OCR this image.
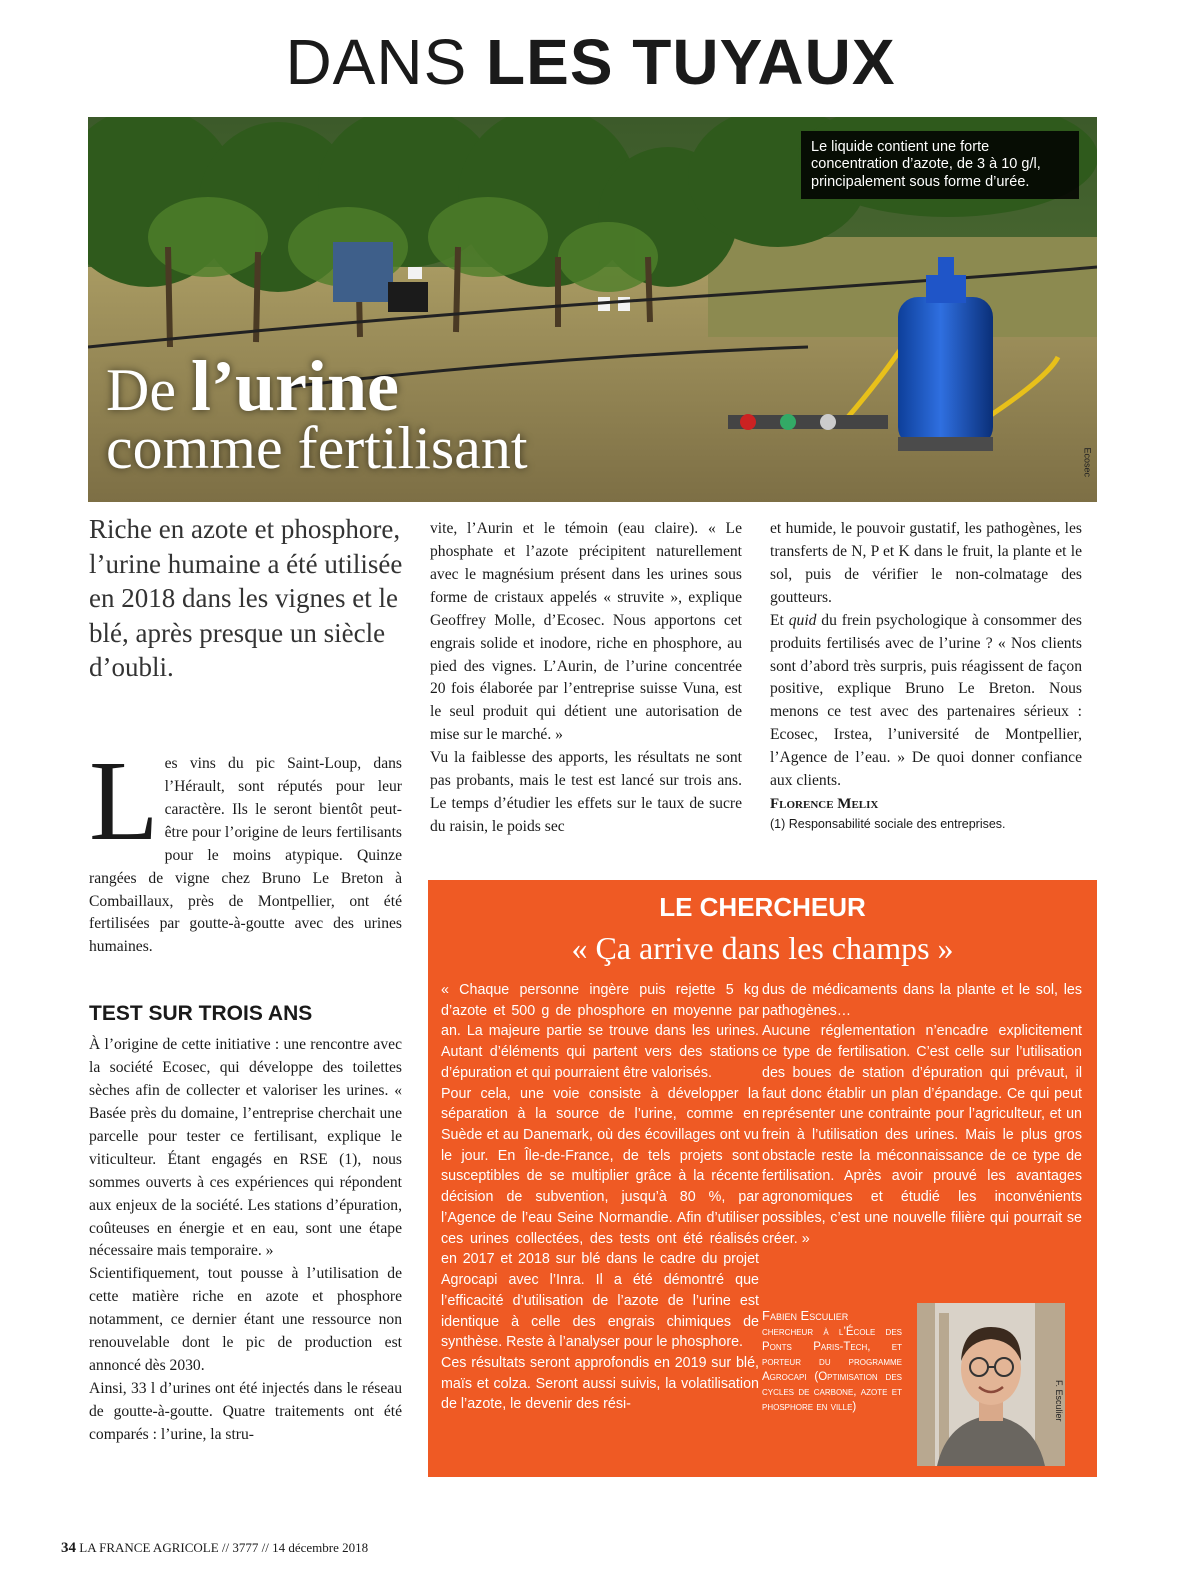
DANS LES TUYAUX
Le liquide contient une forte concentration d’azote, de 3 à 10 g/l, principalement sous forme d’urée.
De l’urine
comme fertilisant	Ecosec
Riche en azote et phosphore, l’urine humaine a été utilisée en 2018 dans les vignes et le blé, après presque un siècle d’oubli.

Les vins du pic Saint-Loup, dans l’Hérault, sont réputés pour leur caractère. Ils le seront bientôt peut-être pour l’origine de leurs fertilisants pour le moins atypique. Quinze rangées de vigne chez Bruno Le Breton à Combaillaux, près de Montpellier, ont été fertilisées par goutte-à-goutte avec des urines humaines.

TEST SUR TROIS ANS

À l’origine de cette initiative : une rencontre avec la société Ecosec, qui développe des toilettes sèches afin de collecter et valoriser les urines. « Basée près du domaine, l’entreprise cherchait une parcelle pour tester ce fertilisant, explique le viticulteur. Étant engagés en RSE (1), nous sommes ouverts à ces expériences qui répondent aux enjeux de la société. Les stations d’épuration, coûteuses en énergie et en eau, sont une étape nécessaire mais temporaire. »

Scientifiquement, tout pousse à l’utilisation de cette matière riche en azote et phosphore notamment, ce dernier étant une ressource non renouvelable dont le pic de production est annoncé dès 2030.

Ainsi, 33 l d’urines ont été injectés dans le réseau de goutte-à-goutte. Quatre traitements ont été comparés : l’urine, la stru-

vite, l’Aurin et le témoin (eau claire). « Le phosphate et l’azote précipitent naturellement avec le magnésium présent dans les urines sous forme de cristaux appelés « struvite », explique Geoffrey Molle, d’Ecosec. Nous apportons cet engrais solide et inodore, riche en phosphore, au pied des vignes. L’Aurin, de l’urine concentrée 20 fois élaborée par l’entreprise suisse Vuna, est le seul produit qui détient une autorisation de mise sur le marché. »

Vu la faiblesse des apports, les résultats ne sont pas probants, mais le test est lancé sur trois ans. Le temps d’étudier les effets sur le taux de sucre du raisin, le poids sec

et humide, le pouvoir gustatif, les pathogènes, les transferts de N, P et K dans le fruit, la plante et le sol, puis de vérifier le non-colmatage des goutteurs.

Et quid du frein psychologique à consommer des produits fertilisés avec de l’urine ? « Nos clients sont d’abord très surpris, puis réagissent de façon positive, explique Bruno Le Breton. Nous menons ce test avec des partenaires sérieux : Ecosec, Irstea, l’université de Montpellier, l’Agence de l’eau. » De quoi donner confiance aux clients.

Florence Melix
(1) Responsabilité sociale des entreprises.
LE CHERCHEUR
« Ça arrive dans les champs »

« Chaque personne ingère puis rejette 5 kg d’azote et 500 g de phosphore en moyenne par an. La majeure partie se trouve dans les urines. Autant d’éléments qui partent vers des stations d’épuration et qui pourraient être valorisés.

Pour cela, une voie consiste à développer la séparation à la source de l’urine, comme en Suède et au Danemark, où des écovillages ont vu le jour. En Île-de-France, de tels projets sont susceptibles de se multiplier grâce à la récente décision de subvention, jusqu’à 80 %, par l’Agence de l’eau Seine Normandie. Afin d’utiliser ces urines collectées, des tests ont été réalisés en 2017 et 2018 sur blé dans le cadre du projet Agrocapi avec l’Inra. Il a été démontré que l’efficacité d’utilisation de l’azote de l’urine est identique à celle des engrais chimiques de synthèse. Reste à l’analyser pour le phosphore.

Ces résultats seront approfondis en 2019 sur blé, maïs et colza. Seront aussi suivis, la volatilisation de l’azote, le devenir des rési-

dus de médicaments dans la plante et le sol, les pathogènes…

Aucune réglementation n’encadre explicitement ce type de fertilisation. C’est celle sur l’utilisation des boues de station d’épuration qui prévaut, il faut donc établir un plan d’épandage. Ce qui peut représenter une contrainte pour l’agriculteur, et un frein à l’utilisation des urines. Mais le plus gros obstacle reste la méconnaissance de ce type de fertilisation. Après avoir prouvé les avantages agronomiques et étudié les inconvénients possibles, c’est une nouvelle filière qui pourrait se créer. »

Fabien Esculier
chercheur à l’École des Ponts Paris-Tech, et porteur du programme Agrocapi (Optimisation des cycles de carbone, azote et phosphore en ville)	F. Esculier
34 LA FRANCE AGRICOLE // 3777 // 14 décembre 2018
